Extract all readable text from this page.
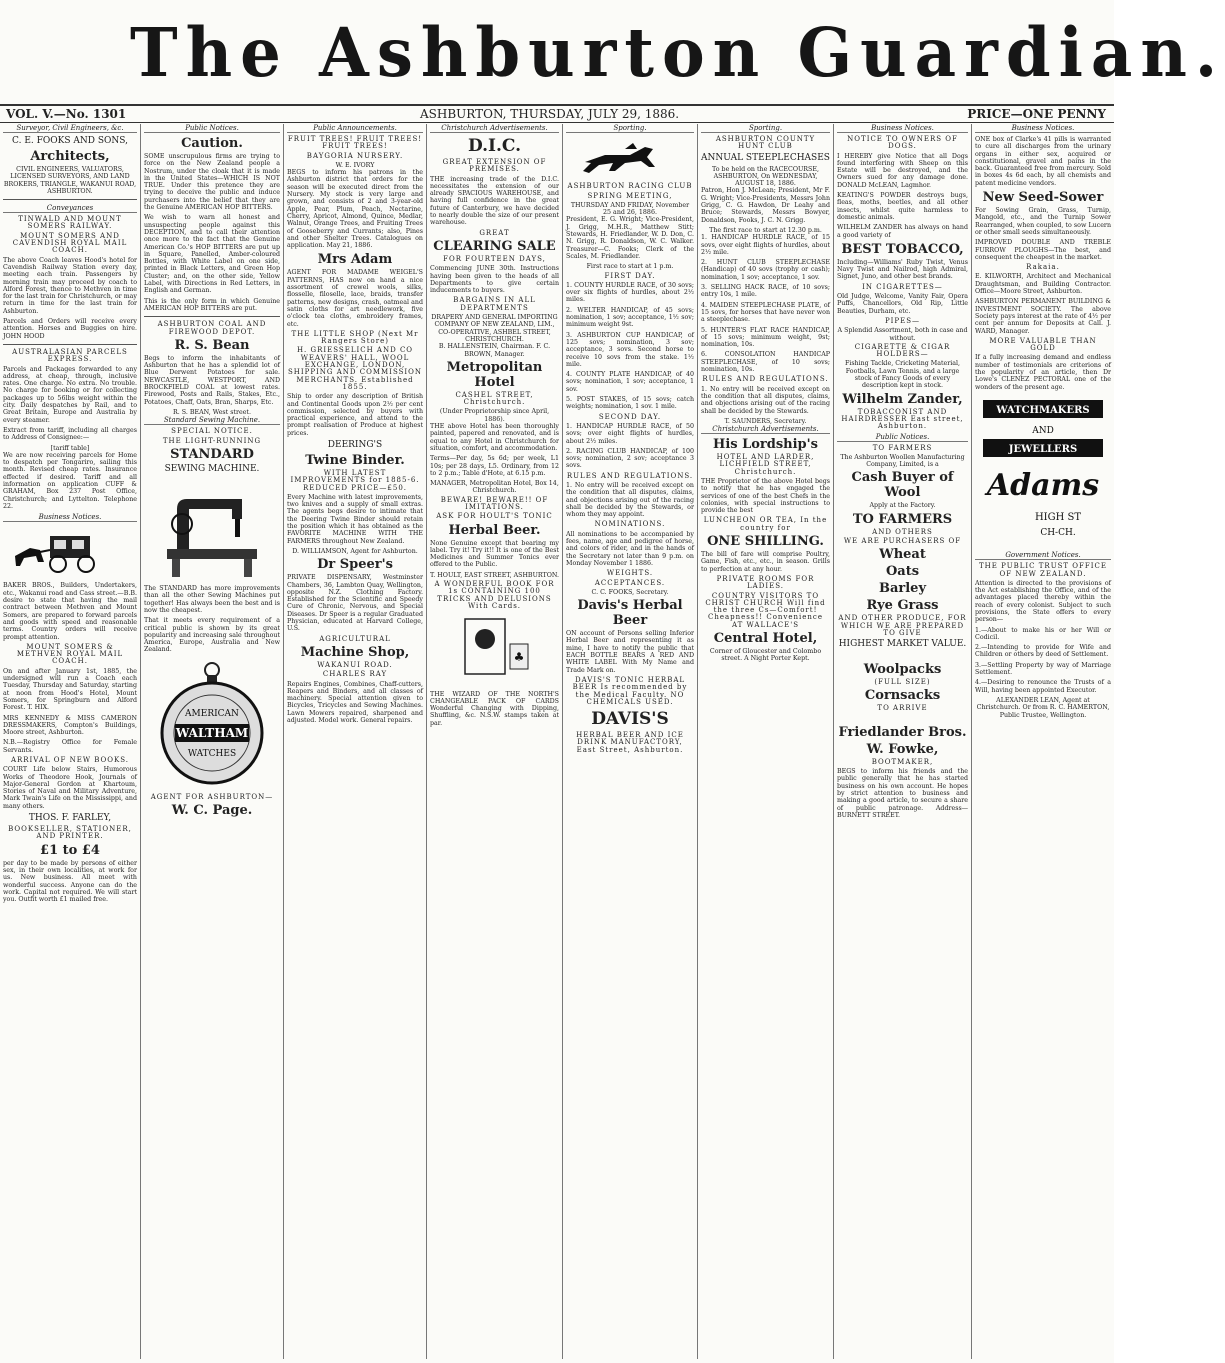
The Ashburton Guardian.
VOL. V.—No. 1301	ASHBURTON, THURSDAY, JULY 29, 1886.	PRICE—ONE PENNY
Surveyor, Civil Engineers, &c.
C. E. FOOKS AND SONS,
Architects,
CIVIL ENGINEERS, VALUATORS, LICENSED SURVEYORS, AND LAND BROKERS, TRIANGLE, WAKANUI ROAD, ASHBURTON.
Conveyances
TINWALD AND MOUNT SOMERS RAILWAY.
MOUNT SOMERS AND CAVENDISH ROYAL MAIL COACH.
The above Coach leaves Hood's hotel for Cavendish Railway Station every day, meeting each train. Passengers by morning train may proceed by coach to Alford Forest, thence to Methven in time for the last train for Christchurch, or may return in time for the last train for Ashburton.
Parcels and Orders will receive every attention. Horses and Buggies on hire. JOHN HOOD
AUSTRALASIAN PARCELS EXPRESS.
Parcels and Packages forwarded to any address, at cheap, through, inclusive rates. One charge. No extra. No trouble. No charge for booking or for collecting packages up to 56lbs weight within the city. Daily despatches by Rail, and to Great Britain, Europe and Australia by every steamer.
Extract from tariff, including all charges to Address of Consignee:—
[tariff table]
We are now receiving parcels for Home to despatch per Tongariro, sailing this month. Revised cheap rates. Insurance effected if desired. Tariff and all information on application CUFF & GRAHAM, Box 237 Post Office, Christchurch; and Lyttelton. Telephone 22.
Business Notices.
BAKER BROS., Builders, Undertakers, etc., Wakanui road and Cass street.—B.B. desire to state that having the mail contract between Methven and Mount Somers, are prepared to forward parcels and goods with speed and reasonable terms. Country orders will receive prompt attention.
MOUNT SOMERS & METHVEN ROYAL MAIL COACH.
On and after January 1st, 1885, the undersigned will run a Coach each Tuesday, Thursday and Saturday, starting at noon from Hood's Hotel, Mount Somers, for Springburn and Alford Forest. T. HIX.
MRS KENNEDY & MISS CAMERON DRESSMAKERS, Compton's Buildings, Moore street, Ashburton.
N.B.—Registry Office for Female Servants.
ARRIVAL OF NEW BOOKS.
COURT Life below Stairs, Humorous Works of Theodore Hook, Journals of Major-General Gordon at Khartoum, Stories of Naval and Military Adventure, Mark Twain's Life on the Mississippi, and many others.
THOS. F. FARLEY,
BOOKSELLER, STATIONER, AND PRINTER.
£1 to £4
per day to be made by persons of either sex, in their own localities, at work for us. New business. All meet with wonderful success. Anyone can do the work. Capital not required. We will start you. Outfit worth £1 mailed free.
Public Notices.
Caution.
SOME unscrupulous firms are trying to force on the New Zealand people a Nostrum, under the cloak that it is made in the United States—WHICH IS NOT TRUE. Under this pretence they are trying to deceive the public and induce purchasers into the belief that they are the Genuine AMERICAN HOP BITTERS.
We wish to warn all honest and unsuspecting people against this DECEPTION, and to call their attention once more to the fact that the Genuine American Co.'s HOP BITTERS are put up in Square, Panelled, Amber-coloured Bottles, with White Label on one side, printed in Black Letters, and Green Hop Cluster; and, on the other side, Yellow Label, with Directions in Red Letters, in English and German.
This is the only form in which Genuine AMERICAN HOP BITTERS are put.
ASHBURTON COAL AND FIREWOOD DEPOT.
R. S. Bean
Begs to inform the inhabitants of Ashburton that he has a splendid lot of Blue Derwent Potatoes for sale. NEWCASTLE, WESTPORT, AND BROCKFIELD COAL at lowest rates. Firewood, Posts and Rails, Stakes, Etc., Potatoes, Chaff, Oats, Bran, Sharps, Etc.
R. S. BEAN, West street.
Standard Sewing Machine.
SPECIAL NOTICE.
THE LIGHT-RUNNING
STANDARD
SEWING MACHINE.
The STANDARD has more improvements than all the other Sewing Machines put together! Has always been the best and is now the cheapest.
That it meets every requirement of a critical public is shown by its great popularity and increasing sale throughout America, Europe, Australia and New Zealand.
AMERICAN
WALTHAM
WATCHES
AGENT FOR ASHBURTON—
W. C. Page.
Public Announcements.
FRUIT TREES! FRUIT TREES! FRUIT TREES!
BAYGORIA NURSERY.
W. E. IVORY
BEGS to inform his patrons in the Ashburton district that orders for the season will be executed direct from the Nursery. My stock is very large and grown, and consists of 2 and 3-year-old Apple, Pear, Plum, Peach, Nectarine, Cherry, Apricot, Almond, Quince, Medlar, Walnut, Orange Trees, and Fruiting Trees of Gooseberry and Currants; also, Pines and other Shelter Trees. Catalogues on application. May 21, 1886.
Mrs Adam
AGENT FOR MADAME WEIGEL'S PATTERNS, HAS now on hand a nice assortment of crewel wools, silks, flosselle, filoselle, lace, braids, transfer patterns, new designs, crash, oatmeal and satin cloths for art needlework, five o'clock tea cloths, embroidery frames, etc.
THE LITTLE SHOP (Next Mr Rangers Store)
H. GRIESSELICH AND CO WEAVERS' HALL, WOOL EXCHANGE, LONDON, SHIPPING AND COMMISSION MERCHANTS. Established 1855.
Ship to order any description of British and Continental Goods upon 2½ per cent commission, selected by buyers with practical experience, and attend to the prompt realisation of Produce at highest prices.
DEERING'S
Twine Binder.
WITH LATEST IMPROVEMENTS for 1885-6. REDUCED PRICE—£50.
Every Machine with latest improvements, two knives and a supply of small extras. The agents begs desire to intimate that the Deering Twine Binder should retain the position which it has obtained as the FAVORITE MACHINE WITH THE FARMERS throughout New Zealand.
D. WILLIAMSON, Agent for Ashburton.
Dr Speer's
PRIVATE DISPENSARY, Westminster Chambers, 36, Lambton Quay, Wellington, opposite N.Z. Clothing Factory. Established for the Scientific and Speedy Cure of Chronic, Nervous, and Special Diseases. Dr Speer is a regular Graduated Physician, educated at Harvard College, U.S.
AGRICULTURAL
Machine Shop,
WAKANUI ROAD.
CHARLES RAY
Repairs Engines, Combines, Chaff-cutters, Reapers and Binders, and all classes of machinery. Special attention given to Bicycles, Tricycles and Sewing Machines. Lawn Mowers repaired, sharpened and adjusted. Model work. General repairs.
Christchurch Advertisements.
D.I.C.
GREAT EXTENSION OF PREMISES.
THE increasing trade of the D.I.C. necessitates the extension of our already SPACIOUS WAREHOUSE, and having full confidence in the great future of Canterbury, we have decided to nearly double the size of our present warehouse.
GREAT
CLEARING SALE
FOR FOURTEEN DAYS,
Commencing JUNE 30th. Instructions having been given to the heads of all Departments to give certain inducements to buyers.
BARGAINS IN ALL DEPARTMENTS
DRAPERY AND GENERAL IMPORTING COMPANY OF NEW ZEALAND, LIM., CO-OPERATIVE, ASHBEL STREET, CHRISTCHURCH.
B. HALLENSTEIN, Chairman. F. C. BROWN, Manager.
Metropolitan Hotel
CASHEL STREET, Christchurch.
(Under Proprietorship since April, 1886).
THE above Hotel has been thoroughly painted, papered and renovated, and is equal to any Hotel in Christchurch for situation, comfort, and accommodation.
Terms—Per day, 5s 6d; per week, L1 10s; per 28 days, L5. Ordinary, from 12 to 2 p.m.; Table d'Hote, at 6.15 p.m.
MANAGER, Metropolitan Hotel, Box 14, Christchurch.
BEWARE! BEWARE!! OF IMITATIONS.
ASK FOR HOULT'S TONIC
Herbal Beer.
None Genuine except that bearing my label. Try it! Try it!! It is one of the Best Medicines and Summer Tonics ever offered to the Public.
T. HOULT, EAST STREET, ASHBURTON.
A WONDERFUL BOOK FOR 1s CONTAINING 100 TRICKS AND DELUSIONS With Cards.
♣
THE WIZARD OF THE NORTH'S CHANGEABLE PACK OF CARDS Wonderful Changing with Dipping, Shuffling, &c. N.S.W. stamps taken at par.
Sporting.
ASHBURTON RACING CLUB
SPRING MEETING,
THURSDAY AND FRIDAY, November 25 and 26, 1886.
President, E. G. Wright; Vice-President, J. Grigg, M.H.R., Matthew Stitt; Stewards, H. Friedlander, W. D. Don, C. N. Grigg, R. Donaldson, W. C. Walker. Treasurer—C. Fooks; Clerk of the Scales, M. Friedlander.
First race to start at 1 p.m.
FIRST DAY.
1. COUNTY HURDLE RACE, of 30 sovs; over six flights of hurdles, about 2½ miles.
2. WELTER HANDICAP, of 45 sovs; nomination, 1 sov; acceptance, 1½ sov; minimum weight 9st.
3. ASHBURTON CUP HANDICAP, of 125 sovs; nomination, 3 sov; acceptance, 3 sovs. Second horse to receive 10 sovs from the stake. 1½ mile.
4. COUNTY PLATE HANDICAP, of 40 sovs; nomination, 1 sov; acceptance, 1 sov.
5. POST STAKES, of 15 sovs; catch weights; nomination, 1 sov. 1 mile.
SECOND DAY.
1. HANDICAP HURDLE RACE, of 50 sovs; over eight flights of hurdles, about 2½ miles.
2. RACING CLUB HANDICAP, of 100 sovs; nomination, 2 sov; acceptance 3 sovs.
RULES AND REGULATIONS.
1. No entry will be received except on the condition that all disputes, claims, and objections arising out of the racing shall be decided by the Stewards, or whom they may appoint.
NOMINATIONS.
All nominations to be accompanied by fees, name, age and pedigree of horse, and colors of rider, and in the hands of the Secretary not later than 9 p.m. on Monday November 1 1886.
WEIGHTS.
ACCEPTANCES.
C. C. FOOKS, Secretary.
Davis's Herbal Beer
ON account of Persons selling Inferior Herbal Beer and representing it as mine, I have to notify the public that EACH BOTTLE BEARS A RED AND WHITE LABEL With My Name and Trade Mark on.
DAVIS'S TONIC HERBAL BEER Is recommended by the Medical Faculty. NO CHEMICALS USED.
DAVIS'S
HERBAL BEER AND ICE DRINK MANUFACTORY, East Street, Ashburton.
Sporting.
ASHBURTON COUNTY HUNT CLUB
ANNUAL STEEPLECHASES
To be held on the RACECOURSE, ASHBURTON, On WEDNESDAY, AUGUST 18, 1886.
Patron, Hon J. McLean; President, Mr F. G. Wright; Vice-Presidents, Messrs John Grigg, C. G. Hawdon, Dr Leahy and Bruce; Stewards, Messrs Bowyer, Donaldson, Fooks, J. C. N. Grigg.
The first race to start at 12.30 p.m.
1. HANDICAP HURDLE RACE, of 15 sovs, over eight flights of hurdles, about 2½ mile.
2. HUNT CLUB STEEPLECHASE (Handicap) of 40 sovs (trophy or cash); nomination, 1 sov; acceptance, 1 sov.
3. SELLING HACK RACE, of 10 sovs; entry 10s, 1 mile.
4. MAIDEN STEEPLECHASE PLATE, of 15 sovs, for horses that have never won a steeplechase.
5. HUNTER'S FLAT RACE HANDICAP, of 15 sovs; minimum weight, 9st; nomination, 10s.
6. CONSOLATION HANDICAP STEEPLECHASE, of 10 sovs; nomination, 10s.
RULES AND REGULATIONS.
1. No entry will be received except on the condition that all disputes, claims, and objections arising out of the racing shall be decided by the Stewards.
T. SAUNDERS, Secretary.
Christchurch Advertisements.
His Lordship's
HOTEL AND LARDER, LICHFIELD STREET, Christchurch.
THE Proprietor of the above Hotel begs to notify that he has engaged the services of one of the best Chefs in the colonies, with special instructions to provide the best
LUNCHEON OR TEA, In the country for
ONE SHILLING.
The bill of fare will comprise Poultry, Game, Fish, etc., etc., in season. Grills to perfection at any hour.
PRIVATE ROOMS FOR LADIES.
COUNTRY VISITORS TO CHRIST CHURCH Will find the three Cs—Comfort! Cheapness!! Convenience AT WALLACE'S
Central Hotel,
Corner of Gloucester and Colombo street. A Night Porter Kept.
Business Notices.
NOTICE TO OWNERS OF DOGS.
I HEREBY give Notice that all Dogs found interfering with Sheep on this Estate will be destroyed, and the Owners sued for any damage done. DONALD McLEAN, Lagmhor.
KEATING'S POWDER destroys bugs, fleas, moths, beetles, and all other insects, whilst quite harmless to domestic animals.
WILHELM ZANDER has always on hand a good variety of
BEST TOBACCO,
Including—Williams' Ruby Twist, Venus Navy Twist and Nailrod, high Admiral, Signet, Juno, and other best brands.
IN CIGARETTES—
Old Judge, Welcome, Vanity Fair, Opera Puffs, Chancellors, Old Rip, Little Beauties, Durham, etc.
PIPES—
A Splendid Assortment, both in case and without.
CIGARETTE & CIGAR HOLDERS—
Fishing Tackle, Cricketing Material, Footballs, Lawn Tennis, and a large stock of Fancy Goods of every description kept in stock.
Wilhelm Zander,
TOBACCONIST AND HAIRDRESSER East street, Ashburton.
Public Notices.
TO FARMERS
The Ashburton Woollen Manufacturing Company, Limited, is a
Cash Buyer of Wool
Apply at the Factory.
TO FARMERS
AND OTHERS
WE ARE PURCHASERS OF
Wheat
Oats
Barley
Rye Grass
AND OTHER PRODUCE, FOR WHICH WE ARE PREPARED TO GIVE
HIGHEST MARKET VALUE.
Woolpacks
(FULL SIZE)
Cornsacks
TO ARRIVE
Friedlander Bros.
W. Fowke,
BOOTMAKER,
BEGS to inform his friends and the public generally that he has started business on his own account. He hopes by strict attention to business and making a good article, to secure a share of public patronage. Address—BURNETT STREET.
Business Notices.
ONE box of Clarke's 41 pills is warranted to cure all discharges from the urinary organs in either sex, acquired or constitutional, gravel and pains in the back. Guaranteed free from mercury. Sold in boxes 4s 6d each, by all chemists and patent medicine vendors.
New Seed-Sower
For Sowing Grain, Grass, Turnip, Mangold, etc., and the Turnip Sower Rearranged, when coupled, to sow Lucern or other small seeds simultaneously.
IMPROVED DOUBLE AND TREBLE FURROW PLOUGHS—The best, and consequent the cheapest in the market.
Rakaia.
E. KILWORTH, Architect and Mechanical Draughtsman, and Building Contractor. Office—Moore Street, Ashburton.
ASHBURTON PERMANENT BUILDING & INVESTMENT SOCIETY. The above Society pays interest at the rate of 4½ per cent per annum for Deposits at Call. J. WARD, Manager.
MORE VALUABLE THAN GOLD
If a fully increasing demand and endless number of testimonials are criterions of the popularity of an article, then Dr Lowe's CLENEZ PECTORAL one of the wonders of the present age.
WATCHMAKERS
AND
JEWELLERS
Adams
HIGH ST
CH-CH.
Government Notices.
THE PUBLIC TRUST OFFICE OF NEW ZEALAND.
Attention is directed to the provisions of the Act establishing the Office, and of the advantages placed thereby within the reach of every colonist. Subject to such provisions, the State offers to every person—
1.—About to make his or her Will or Codicil.
2.—Intending to provide for Wife and Children or others by deed of Settlement.
3.—Settling Property by way of Marriage Settlement.
4.—Desiring to renounce the Trusts of a Will, having been appointed Executor.
ALEXANDER LEAN, Agent at Christchurch. Or from R. C. HAMERTON, Public Trustee, Wellington.
